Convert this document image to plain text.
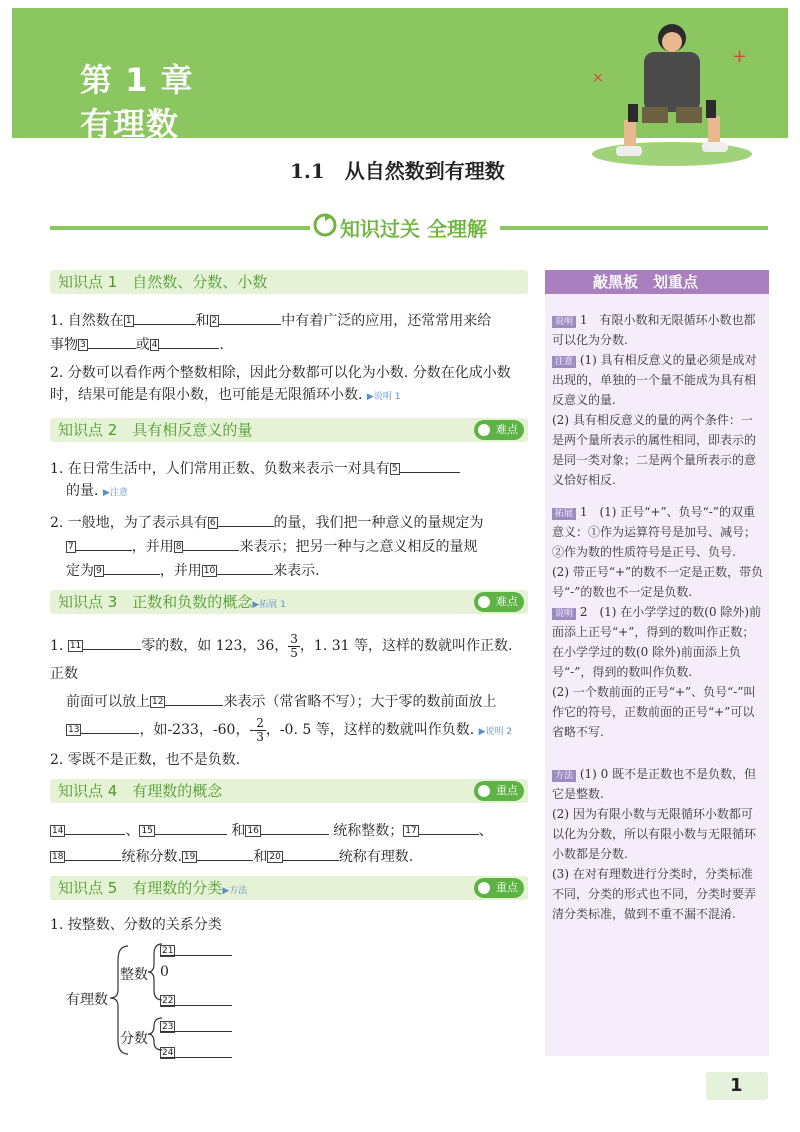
第 1 章
有理数
+
×
1.1　从自然数到有理数
知识过关 全理解
知识点 1　自然数、分数、小数

1. 自然数在 1	和 2	中有着广泛的应用，还常常用来给

事物 3	或 4	.

2. 分数可以看作两个整数相除，因此分数都可以化为小数. 分数在化成小数时，结果可能是有限小数，也可能是无限循环小数. ▶说明 1

知识点 2　具有相反意义的量	难点

1. 在日常生活中，人们常用正数、负数来表示一对具有 5

的量. ▶注意

2. 一般地，为了表示具有 6	的量，我们把一种意义的量规定为

7	，并用 8	来表示；把另一种与之意义相反的量规

定为 9	，并用 10	来表示.

知识点 3　正数和负数的概念▶拓展 1	难点

1. 11	零的数，如 123，36， $\frac{3}{5}$ ，1. 31 等，这样的数就叫作正数. 正数

前面可以放上 12	来表示（常省略不写）；大于零的数前面放上

13	，如-233，-60，- $\frac{2}{3}$ ，-0. 5 等，这样的数就叫作负数. ▶说明 2

2. 零既不是正数，也不是负数.

知识点 4　有理数的概念	重点

14	、 15	和 16	统称整数； 17	、

18	统称分数. 19	和 20	统称有理数.

知识点 5　有理数的分类▶方法	重点
1. 按整数、分数的关系分类
有理数
整数
21
0
22
分数
23
24
敲黑板　划重点

说明 1　有限小数和无限循环小数也都可以化为分数.

注意 (1) 具有相反意义的量必须是成对出现的，单独的一个量不能成为具有相反意义的量.

(2) 具有相反意义的量的两个条件：一是两个量所表示的属性相同，即表示的是同一类对象；二是两个量所表示的意义恰好相反.

拓展 1　(1) 正号“+”、负号“-”的双重意义：①作为运算符号是加号、减号；②作为数的性质符号是正号、负号.

(2) 带正号“+”的数不一定是正数，带负号“-”的数也不一定是负数.

说明 2　(1) 在小学学过的数(0 除外)前面添上正号“+”，得到的数叫作正数；在小学学过的数(0 除外)前面添上负号“-”，得到的数叫作负数.

(2) 一个数前面的正号“+”、负号“-”叫作它的符号，正数前面的正号“+”可以省略不写.

方法 (1) 0 既不是正数也不是负数，但它是整数.

(2) 因为有限小数与无限循环小数都可以化为分数，所以有限小数与无限循环小数都是分数.

(3) 在对有理数进行分类时，分类标准不同，分类的形式也不同，分类时要弄清分类标准，做到不重不漏不混淆.

1
